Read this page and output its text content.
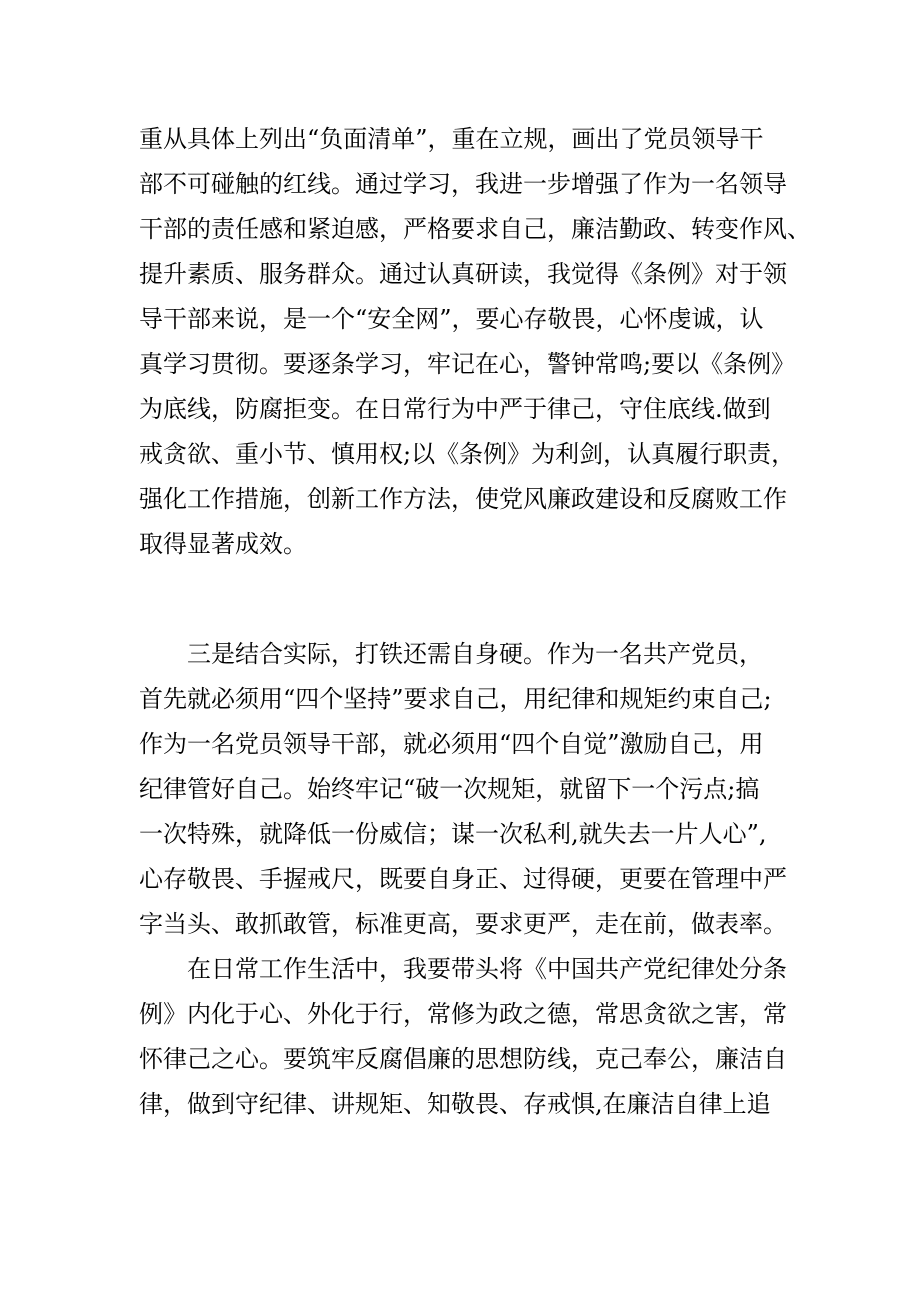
重从具体上列出“负面清单”，重在立规，画出了党员领导干
部不可碰触的红线。通过学习，我进一步增强了作为一名领导
干部的责任感和紧迫感，严格要求自己，廉洁勤政、转变作风、
提升素质、服务群众。通过认真研读，我觉得《条例》对于领
导干部来说，是一个“安全网”，要心存敬畏，心怀虔诚，认
真学习贯彻。要逐条学习，牢记在心，警钟常鸣;要以《条例》
为底线，防腐拒变。在日常行为中严于律己，守住底线.做到
戒贪欲、重小节、慎用权;以《条例》为利剑，认真履行职责，
强化工作措施，创新工作方法，使党风廉政建设和反腐败工作
取得显著成效。
三是结合实际，打铁还需自身硬。作为一名共产党员，
首先就必须用“四个坚持”要求自己，用纪律和规矩约束自己;
作为一名党员领导干部，就必须用“四个自觉”激励自己，用
纪律管好自己。始终牢记“破一次规矩，就留下一个污点;搞
一次特殊，就降低一份威信；谋一次私利,就失去一片人心”,
心存敬畏、手握戒尺，既要自身正、过得硬，更要在管理中严
字当头、敢抓敢管，标准更高，要求更严，走在前，做表率。
在日常工作生活中，我要带头将《中国共产党纪律处分条
例》内化于心、外化于行，常修为政之德，常思贪欲之害，常
怀律己之心。要筑牢反腐倡廉的思想防线，克己奉公，廉洁自
律，做到守纪律、讲规矩、知敬畏、存戒惧,在廉洁自律上追
